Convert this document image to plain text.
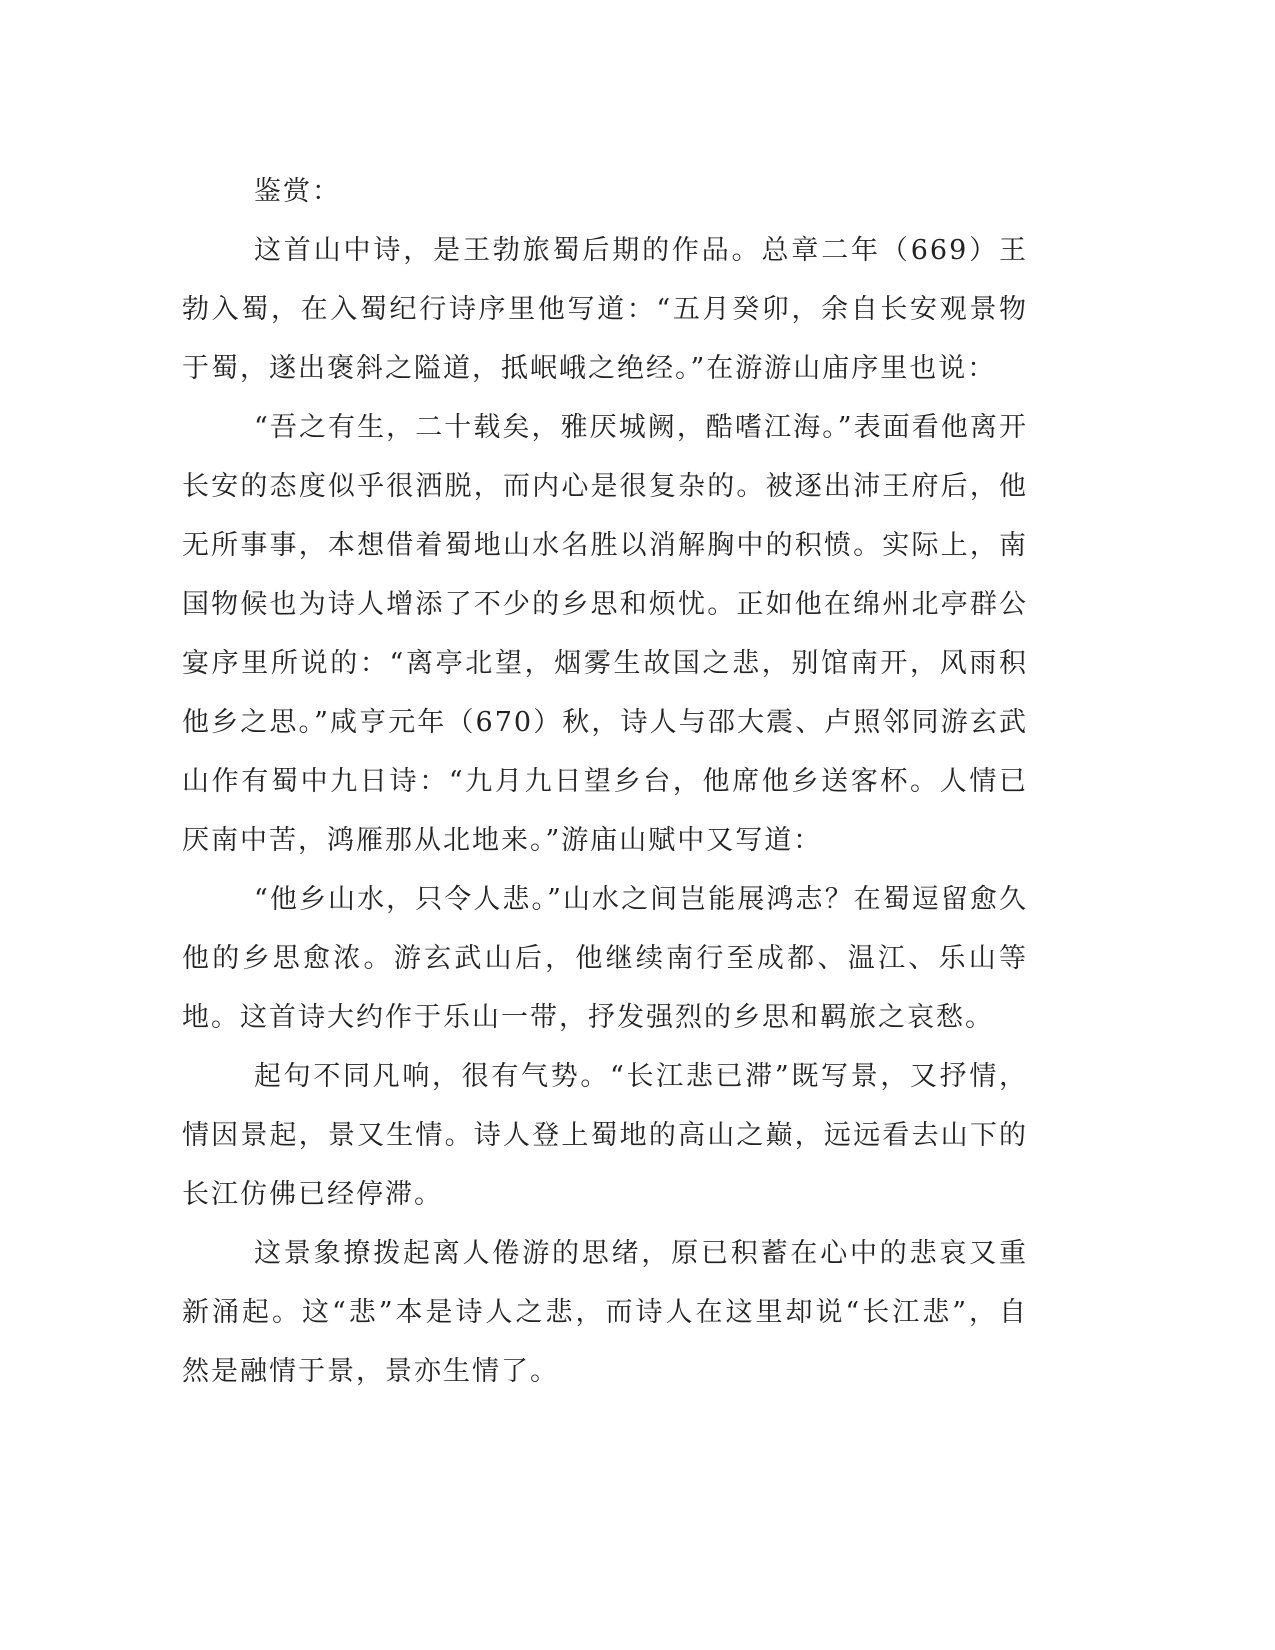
鉴赏：

这首山中诗，是王勃旅蜀后期的作品。总章二年（669）王勃入蜀，在入蜀纪行诗序里他写道：“五月癸卯，余自长安观景物于蜀，遂出褒斜之隘道，抵岷峨之绝经。”在游游山庙序里也说：

“吾之有生，二十载矣，雅厌城阙，酷嗜江海。”表面看他离开长安的态度似乎很洒脱，而内心是很复杂的。被逐出沛王府后，他无所事事，本想借着蜀地山水名胜以消解胸中的积愤。实际上，南国物候也为诗人增添了不少的乡思和烦忧。正如他在绵州北亭群公宴序里所说的：“离亭北望，烟雾生故国之悲，别馆南开，风雨积他乡之思。”咸亨元年（670）秋，诗人与邵大震、卢照邻同游玄武山作有蜀中九日诗：“九月九日望乡台，他席他乡送客杯。人情已厌南中苦，鸿雁那从北地来。”游庙山赋中又写道：

“他乡山水，只令人悲。”山水之间岂能展鸿志？在蜀逗留愈久他的乡思愈浓。游玄武山后，他继续南行至成都、温江、乐山等地。这首诗大约作于乐山一带，抒发强烈的乡思和羁旅之哀愁。

起句不同凡响，很有气势。“长江悲已滞”既写景，又抒情，情因景起，景又生情。诗人登上蜀地的高山之巅，远远看去山下的长江仿佛已经停滞。

这景象撩拨起离人倦游的思绪，原已积蓄在心中的悲哀又重新涌起。这“悲”本是诗人之悲，而诗人在这里却说“长江悲”，自然是融情于景，景亦生情了。
